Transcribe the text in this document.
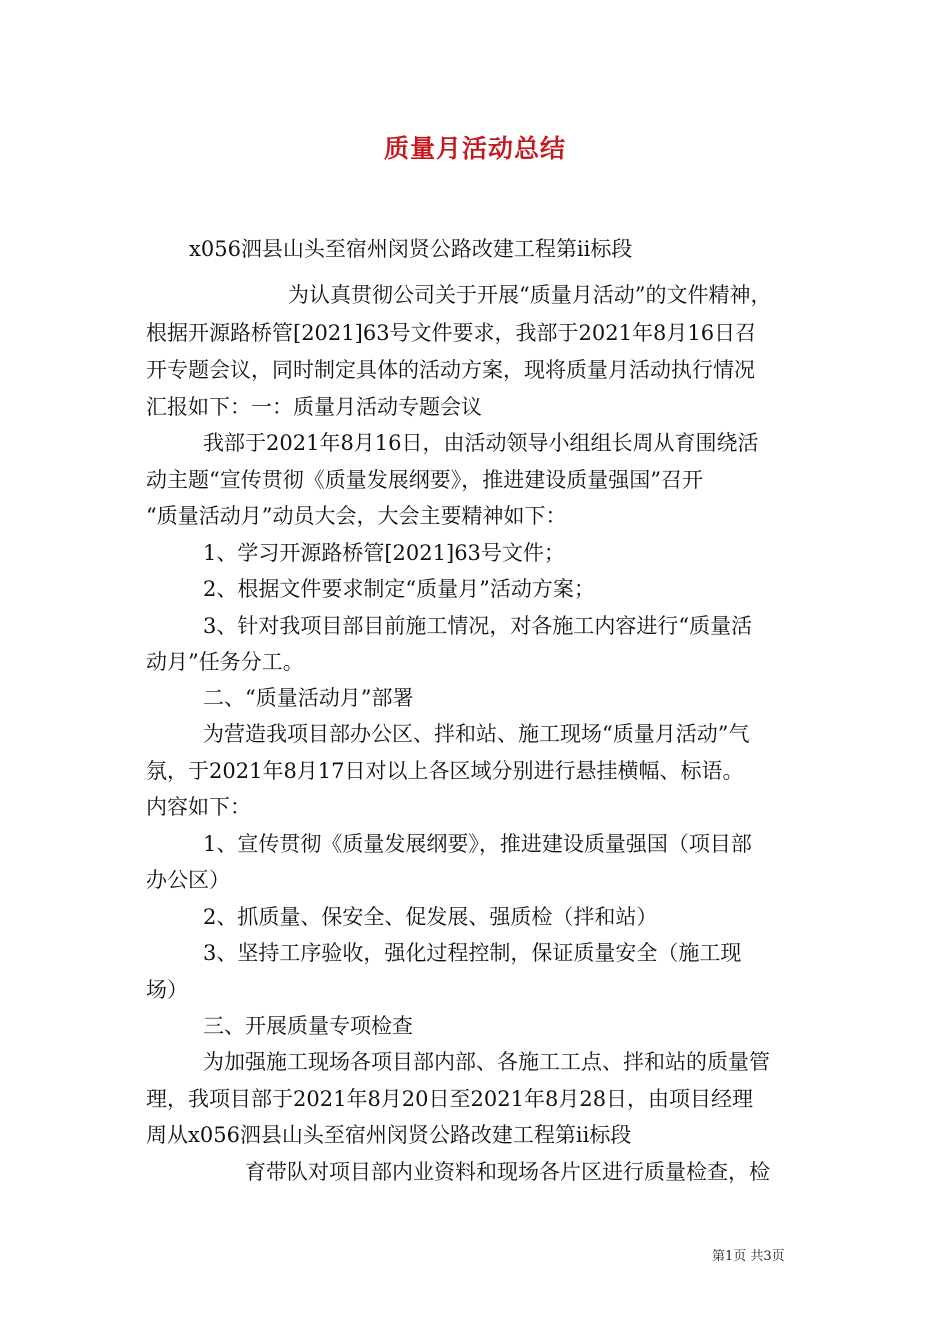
质量月活动总结
x056泗县山头至宿州闵贤公路改建工程第ii标段
为认真贯彻公司关于开展“质量月活动”的文件精神，
根据开源路桥管[2021]63号文件要求，我部于2021年8月16日召
开专题会议，同时制定具体的活动方案，现将质量月活动执行情况
汇报如下：一：质量月活动专题会议
我部于2021年8月16日，由活动领导小组组长周从育围绕活
动主题“宣传贯彻《质量发展纲要》，推进建设质量强国”召开
“质量活动月”动员大会，大会主要精神如下：
1、学习开源路桥管[2021]63号文件；
2、根据文件要求制定“质量月”活动方案；
3、针对我项目部目前施工情况，对各施工内容进行“质量活
动月”任务分工。
二、“质量活动月”部署
为营造我项目部办公区、拌和站、施工现场“质量月活动”气
氛，于2021年8月17日对以上各区域分别进行悬挂横幅、标语。
内容如下：
1、宣传贯彻《质量发展纲要》，推进建设质量强国（项目部
办公区）
2、抓质量、保安全、促发展、强质检（拌和站）
3、坚持工序验收，强化过程控制，保证质量安全（施工现
场）
三、开展质量专项检查
为加强施工现场各项目部内部、各施工工点、拌和站的质量管
理，我项目部于2021年8月20日至2021年8月28日，由项目经理
周从x056泗县山头至宿州闵贤公路改建工程第ii标段
育带队对项目部内业资料和现场各片区进行质量检查，检
第1页 共3页
